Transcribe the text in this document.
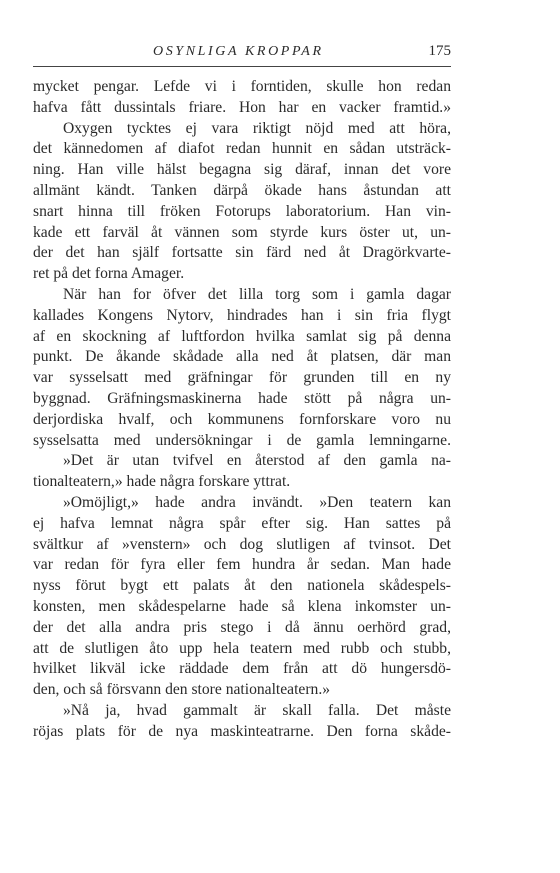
OSYNLIGA KROPPAR	175
mycket pengar. Lefde vi i forntiden, skulle hon redan
hafva fått dussintals friare. Hon har en vacker framtid.»
Oxygen tycktes ej vara riktigt nöjd med att höra,
det kännedomen af diafot redan hunnit en sådan utsträck-
ning. Han ville hälst begagna sig däraf, innan det vore
allmänt kändt. Tanken därpå ökade hans åstundan att
snart hinna till fröken Fotorups laboratorium. Han vin-
kade ett farväl åt vännen som styrde kurs öster ut, un-
der det han själf fortsatte sin färd ned åt Dragörkvarte-
ret på det forna Amager.
När han for öfver det lilla torg som i gamla dagar
kallades Kongens Nytorv, hindrades han i sin fria flygt
af en skockning af luftfordon hvilka samlat sig på denna
punkt. De åkande skådade alla ned åt platsen, där man
var sysselsatt med gräfningar för grunden till en ny
byggnad. Gräfningsmaskinerna hade stött på några un-
derjordiska hvalf, och kommunens fornforskare voro nu
sysselsatta med undersökningar i de gamla lemningarne.
»Det är utan tvifvel en återstod af den gamla na-
tionalteatern,» hade några forskare yttrat.
»Omöjligt,» hade andra invändt. »Den teatern kan
ej hafva lemnat några spår efter sig. Han sattes på
svältkur af »venstern» och dog slutligen af tvinsot. Det
var redan för fyra eller fem hundra år sedan. Man hade
nyss förut bygt ett palats åt den nationela skådespels-
konsten, men skådespelarne hade så klena inkomster un-
der det alla andra pris stego i då ännu oerhörd grad,
att de slutligen åto upp hela teatern med rubb och stubb,
hvilket likväl icke räddade dem från att dö hungersdö-
den, och så försvann den store nationalteatern.»
»Nå ja, hvad gammalt är skall falla. Det måste
röjas plats för de nya maskinteatrarne. Den forna skåde-
